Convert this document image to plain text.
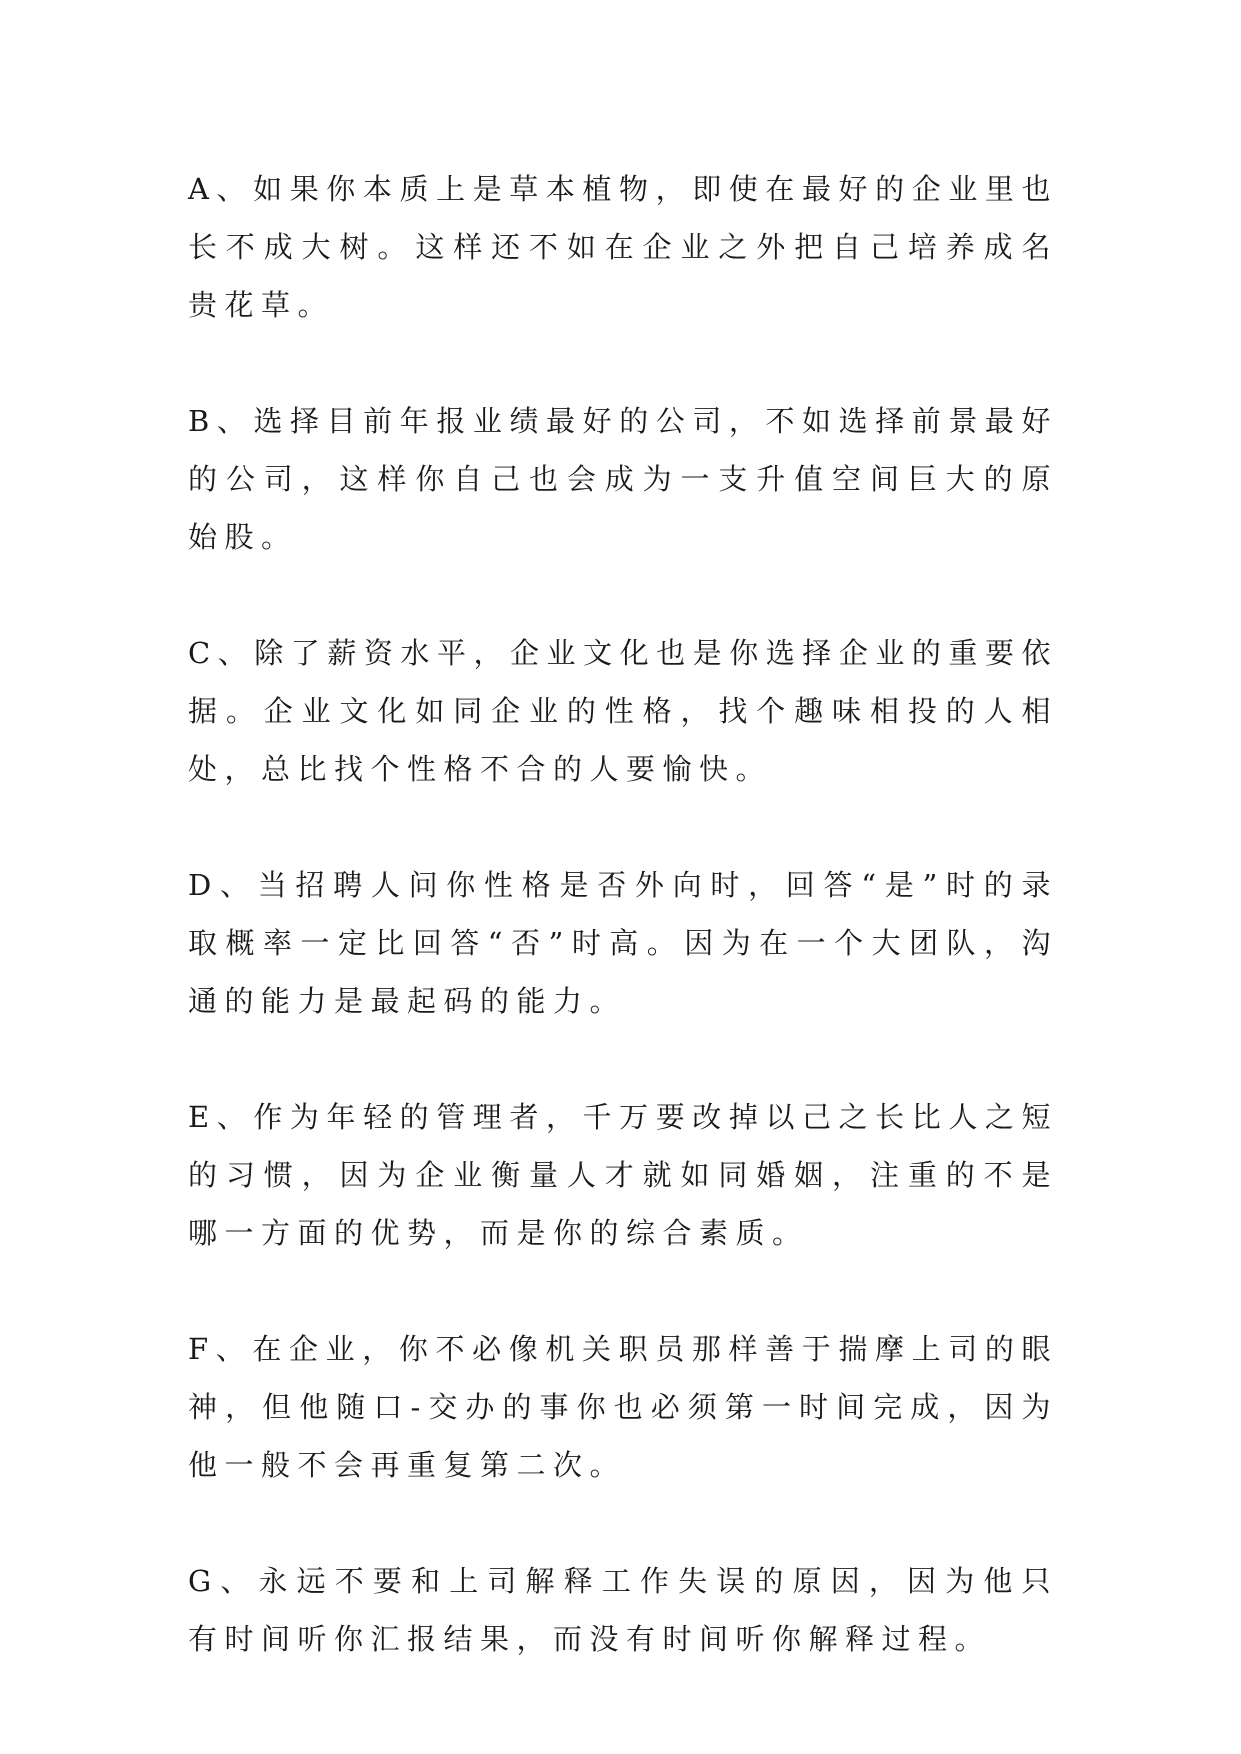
A、如果你本质上是草本植物，即使在最好的企业里也长不成大树。这样还不如在企业之外把自己培养成名贵花草。

B、选择目前年报业绩最好的公司，不如选择前景最好的公司，这样你自己也会成为一支升值空间巨大的原始股。

C、除了薪资水平，企业文化也是你选择企业的重要依据。企业文化如同企业的性格，找个趣味相投的人相处，总比找个性格不合的人要愉快。

D、当招聘人问你性格是否外向时，回答“是”时的录取概率一定比回答“否”时高。因为在一个大团队，沟通的能力是最起码的能力。

E、作为年轻的管理者，千万要改掉以己之长比人之短的习惯，因为企业衡量人才就如同婚姻，注重的不是哪一方面的优势，而是你的综合素质。

F、在企业，你不必像机关职员那样善于揣摩上司的眼神，但他随口-交办的事你也必须第一时间完成，因为他一般不会再重复第二次。

G、永远不要和上司解释工作失误的原因，因为他只有时间听你汇报结果，而没有时间听你解释过程。
